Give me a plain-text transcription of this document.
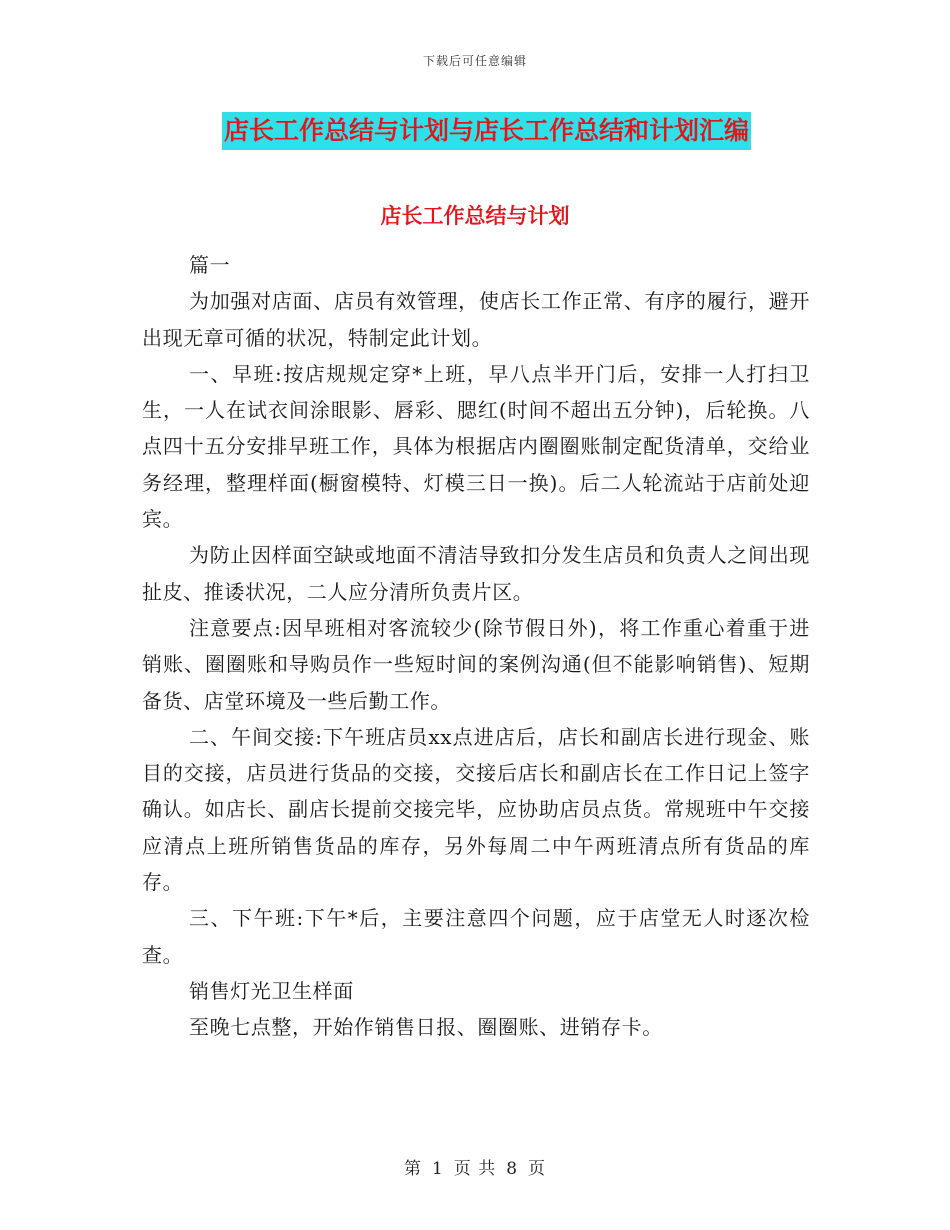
下载后可任意编辑
店长工作总结与计划与店长工作总结和计划汇编
店长工作总结与计划

篇一

为加强对店面、店员有效管理，使店长工作正常、有序的履行，避开出现无章可循的状况，特制定此计划。

一、早班:按店规规定穿*上班，早八点半开门后，安排一人打扫卫生，一人在试衣间涂眼影、唇彩、腮红(时间不超出五分钟)，后轮换。八点四十五分安排早班工作，具体为根据店内圈圈账制定配货清单，交给业务经理，整理样面(橱窗模特、灯模三日一换)。后二人轮流站于店前处迎宾。

为防止因样面空缺或地面不清洁导致扣分发生店员和负责人之间出现扯皮、推诿状况，二人应分清所负责片区。

注意要点:因早班相对客流较少(除节假日外)，将工作重心着重于进销账、圈圈账和导购员作一些短时间的案例沟通(但不能影响销售)、短期备货、店堂环境及一些后勤工作。

二、午间交接:下午班店员xx点进店后，店长和副店长进行现金、账目的交接，店员进行货品的交接，交接后店长和副店长在工作日记上签字确认。如店长、副店长提前交接完毕，应协助店员点货。常规班中午交接应清点上班所销售货品的库存，另外每周二中午两班清点所有货品的库存。

三、下午班:下午*后，主要注意四个问题，应于店堂无人时逐次检查。

销售灯光卫生样面

至晚七点整，开始作销售日报、圈圈账、进销存卡。

第 1 页 共 8 页
